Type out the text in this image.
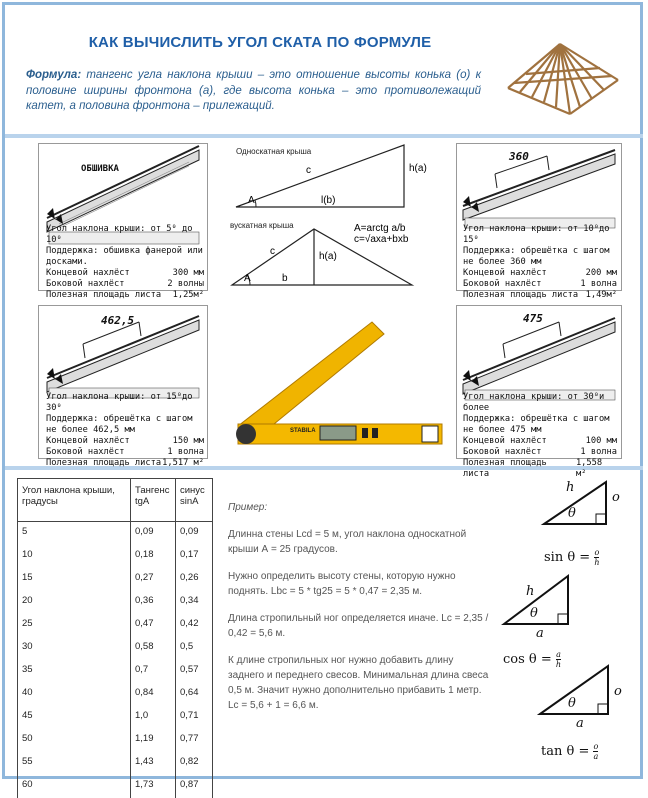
КАК ВЫЧИСЛИТЬ УГОЛ СКАТА ПО ФОРМУЛЕ
Формула: тангенс угла наклона крыши – это отношение высоты конька (о) к половине ширины фронтона (а), где высота конька – это противолежащий катет, а половина фронтона – прилежащий.
ОБШИВКА
Угол наклона крыши: от 5⁰ до 10⁰
Поддержка: обшивка фанерой или
досками.
Концевой нахлёст	300 мм
Боковой нахлёст	2 волны
Полезная площадь листа 1,25м²
Односкатная крыша
c	h(a)
A	l(b)
вускатная крыша	A=arctg a/b
c=√axa+bxb
c	h(a)
A	b
360
Угол наклона крыши: от 10⁰до 15⁰
Поддержка: обрешётка с шагом
не более 360 мм
Концевой нахлёст	200 мм
Боковой нахлёст	1 волна
Полезная площадь листа 1,49м²
462,5
Угол наклона крыши: от 15⁰до 30⁰
Поддержка: обрешётка с шагом
не более 462,5 мм
Концевой нахлёст	150 мм
Боковой нахлёст	1 волна
Полезная площадь листа 1,517 м²
STABILA
475
Угол наклона крыши: от 30⁰и более
Поддержка: обрешётка с шагом
не более 475 мм
Концевой нахлёст	100 мм
Боковой нахлёст	1 волна
Полезная площадь листа
1,558 м²
Угол наклона крыши, градусы	Тангенс tgA	синус sinA
5	0,09	0,09
10	0,18	0,17
15	0,27	0,26
20	0,36	0,34
25	0,47	0,42
30	0,58	0,5
35	0,7	0,57
40	0,84	0,64
45	1,0	0,71
50	1,19	0,77
55	1,43	0,82
60	1,73	0,87

Пример:

Длинна стены Lcd = 5 м, угол наклона односкатной крыши А = 25 градусов.

Нужно определить высоту стены, которую нужно поднять. Lbc = 5 * tg25 = 5 * 0,47 = 2,35 м.

Длина стропильный ног определяется иначе. Lc = 2,35 / 0,42 = 5,6 м.

К длине стропильных ног нужно добавить длину заднего и переднего свесов. Минимальная длина свеса 0,5 м. Значит нужно дополнительно прибавить 1 метр. Lc = 5,6 + 1 = 6,6 м.

h
o
θ
$\sin \theta = \frac{o}{h}$
h
θ
a
$\cos \theta = \frac{a}{h}$
o
θ
a
$\tan \theta = \frac{o}{a}$
